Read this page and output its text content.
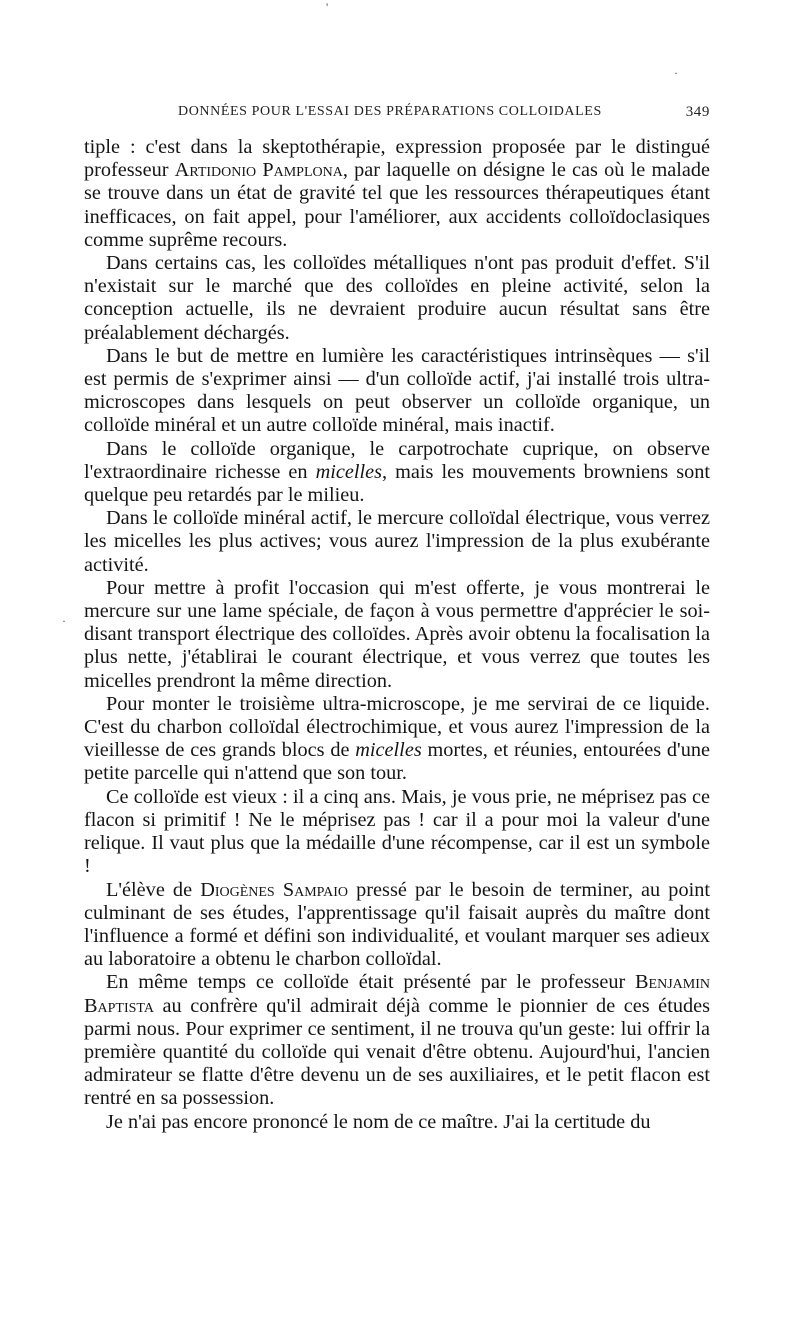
DONNÉES POUR L'ESSAI DES PRÉPARATIONS COLLOIDALES	349

tiple : c'est dans la skeptothérapie, expression proposée par le distingué professeur Artidonio Pamplona, par laquelle on désigne le cas où le malade se trouve dans un état de gravité tel que les ressources thérapeutiques étant inefficaces, on fait appel, pour l'améliorer, aux accidents colloïdoclasiques comme suprême recours.

Dans certains cas, les colloïdes métalliques n'ont pas produit d'effet. S'il n'existait sur le marché que des colloïdes en pleine activité, selon la conception actuelle, ils ne devraient produire aucun résultat sans être préalablement déchargés.

Dans le but de mettre en lumière les caractéristiques intrinsèques — s'il est permis de s'exprimer ainsi — d'un colloïde actif, j'ai installé trois ultra-microscopes dans lesquels on peut observer un colloïde organique, un colloïde minéral et un autre colloïde minéral, mais inactif.

Dans le colloïde organique, le carpotrochate cuprique, on observe l'extraordinaire richesse en micelles, mais les mouvements browniens sont quelque peu retardés par le milieu.

Dans le colloïde minéral actif, le mercure colloïdal électrique, vous verrez les micelles les plus actives; vous aurez l'impression de la plus exubérante activité.

Pour mettre à profit l'occasion qui m'est offerte, je vous montrerai le mercure sur une lame spéciale, de façon à vous permettre d'apprécier le soi-disant transport électrique des colloïdes. Après avoir obtenu la focalisation la plus nette, j'établirai le courant électrique, et vous verrez que toutes les micelles prendront la même direction.

Pour monter le troisième ultra-microscope, je me servirai de ce liquide. C'est du charbon colloïdal électrochimique, et vous aurez l'impression de la vieillesse de ces grands blocs de micelles mortes, et réunies, entourées d'une petite parcelle qui n'attend que son tour.

Ce colloïde est vieux : il a cinq ans. Mais, je vous prie, ne méprisez pas ce flacon si primitif ! Ne le méprisez pas ! car il a pour moi la valeur d'une relique. Il vaut plus que la médaille d'une récompense, car il est un symbole !

L'élève de Diogènes Sampaio pressé par le besoin de terminer, au point culminant de ses études, l'apprentissage qu'il faisait auprès du maître dont l'influence a formé et défini son individualité, et voulant marquer ses adieux au laboratoire a obtenu le charbon colloïdal.

En même temps ce colloïde était présenté par le professeur Benjamin Baptista au confrère qu'il admirait déjà comme le pionnier de ces études parmi nous. Pour exprimer ce sentiment, il ne trouva qu'un geste: lui offrir la première quantité du colloïde qui venait d'être obtenu. Aujourd'hui, l'ancien admirateur se flatte d'être devenu un de ses auxiliaires, et le petit flacon est rentré en sa possession.

Je n'ai pas encore prononcé le nom de ce maître. J'ai la certitude du

'
·
·
